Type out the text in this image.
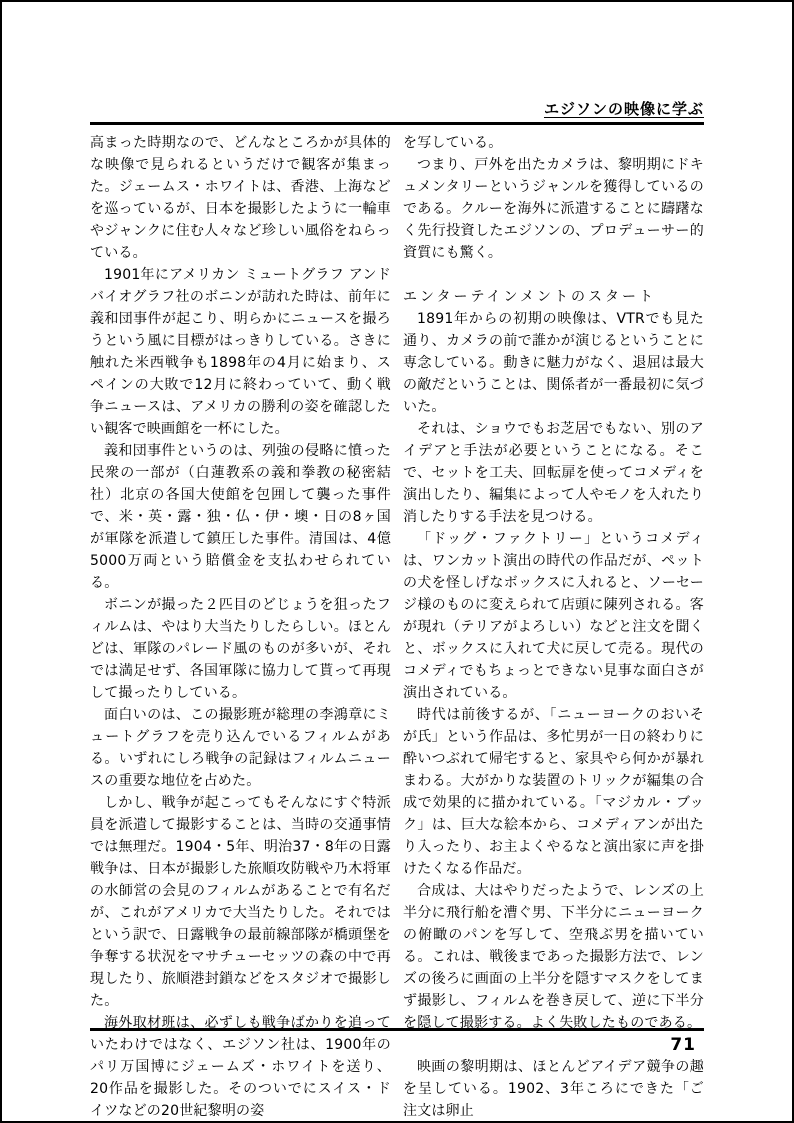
エジソンの映像に学ぶ

高まった時期なので、どんなところかが具体的な映像で見られるというだけで観客が集まった。ジェームス・ホワイトは、香港、上海などを巡っているが、日本を撮影したように一輪車やジャンクに住む人々など珍しい風俗をねらっている。

1901年にアメリカン ミュートグラフ アンド バイオグラフ社のボニンが訪れた時は、前年に義和団事件が起こり、明らかにニュースを撮ろうという風に目標がはっきりしている。さきに触れた米西戦争も1898年の4月に始まり、スペインの大敗で12月に終わっていて、動く戦争ニュースは、アメリカの勝利の姿を確認したい観客で映画館を一杯にした。

義和団事件というのは、列強の侵略に憤った民衆の一部が（白蓮教系の義和拳教の秘密結社）北京の各国大使館を包囲して襲った事件で、米・英・露・独・仏・伊・墺・日の8ヶ国が軍隊を派遣して鎮圧した事件。清国は、4億5000万両という賠償金を支払わせられている。

ボニンが撮った２匹目のどじょうを狙ったフィルムは、やはり大当たりしたらしい。ほとんどは、軍隊のパレード風のものが多いが、それでは満足せず、各国軍隊に協力して貰って再現して撮ったりしている。

面白いのは、この撮影班が総理の李鴻章にミュートグラフを売り込んでいるフィルムがある。いずれにしろ戦争の記録はフィルムニュースの重要な地位を占めた。

しかし、戦争が起こってもそんなにすぐ特派員を派遣して撮影することは、当時の交通事情では無理だ。1904・5年、明治37・8年の日露戦争は、日本が撮影した旅順攻防戦や乃木将軍の水師営の会見のフィルムがあることで有名だが、これがアメリカで大当たりした。それではという訳で、日露戦争の最前線部隊が橋頭堡を争奪する状況をマサチューセッツの森の中で再現したり、旅順港封鎖などをスタジオで撮影した。

海外取材班は、必ずしも戦争ばかりを追っていたわけではなく、エジソン社は、1900年のパリ万国博にジェームズ・ホワイトを送り、20作品を撮影した。そのついでにスイス・ドイツなどの20世紀黎明の姿

を写している。

つまり、戸外を出たカメラは、黎明期にドキュメンタリーというジャンルを獲得しているのである。クルーを海外に派遣することに躊躇なく先行投資したエジソンの、プロデューサー的資質にも驚く。

エンターテインメントのスタート

1891年からの初期の映像は、VTRでも見た通り、カメラの前で誰かが演じるということに専念している。動きに魅力がなく、退屈は最大の敵だということは、関係者が一番最初に気づいた。

それは、ショウでもお芝居でもない、別のアイデアと手法が必要ということになる。そこで、セットを工夫、回転扉を使ってコメディを演出したり、編集によって人やモノを入れたり消したりする手法を見つける。

「ドッグ・ファクトリー」というコメディは、ワンカット演出の時代の作品だが、ペットの犬を怪しげなボックスに入れると、ソーセージ様のものに変えられて店頭に陳列される。客が現れ（テリアがよろしい）などと注文を聞くと、ボックスに入れて犬に戻して売る。現代のコメディでもちょっとできない見事な面白さが演出されている。

時代は前後するが、「ニューヨークのおいそが氏」という作品は、多忙男が一日の終わりに酔いつぶれて帰宅すると、家具やら何かが暴れまわる。大がかりな装置のトリックが編集の合成で効果的に描かれている。「マジカル・ブック」は、巨大な絵本から、コメディアンが出たり入ったり、お主よくやるなと演出家に声を掛けたくなる作品だ。

合成は、大はやりだったようで、レンズの上半分に飛行船を漕ぐ男、下半分にニューヨークの俯瞰のパンを写して、空飛ぶ男を描いている。これは、戦後まであった撮影方法で、レンズの後ろに画面の上半分を隠すマスクをしてまず撮影し、フィルムを巻き戻して、逆に下半分を隠して撮影する。よく失敗したものである。

映画の黎明期は、ほとんどアイデア競争の趣を呈している。1902、3年ころにできた「ご注文は卵止

71
